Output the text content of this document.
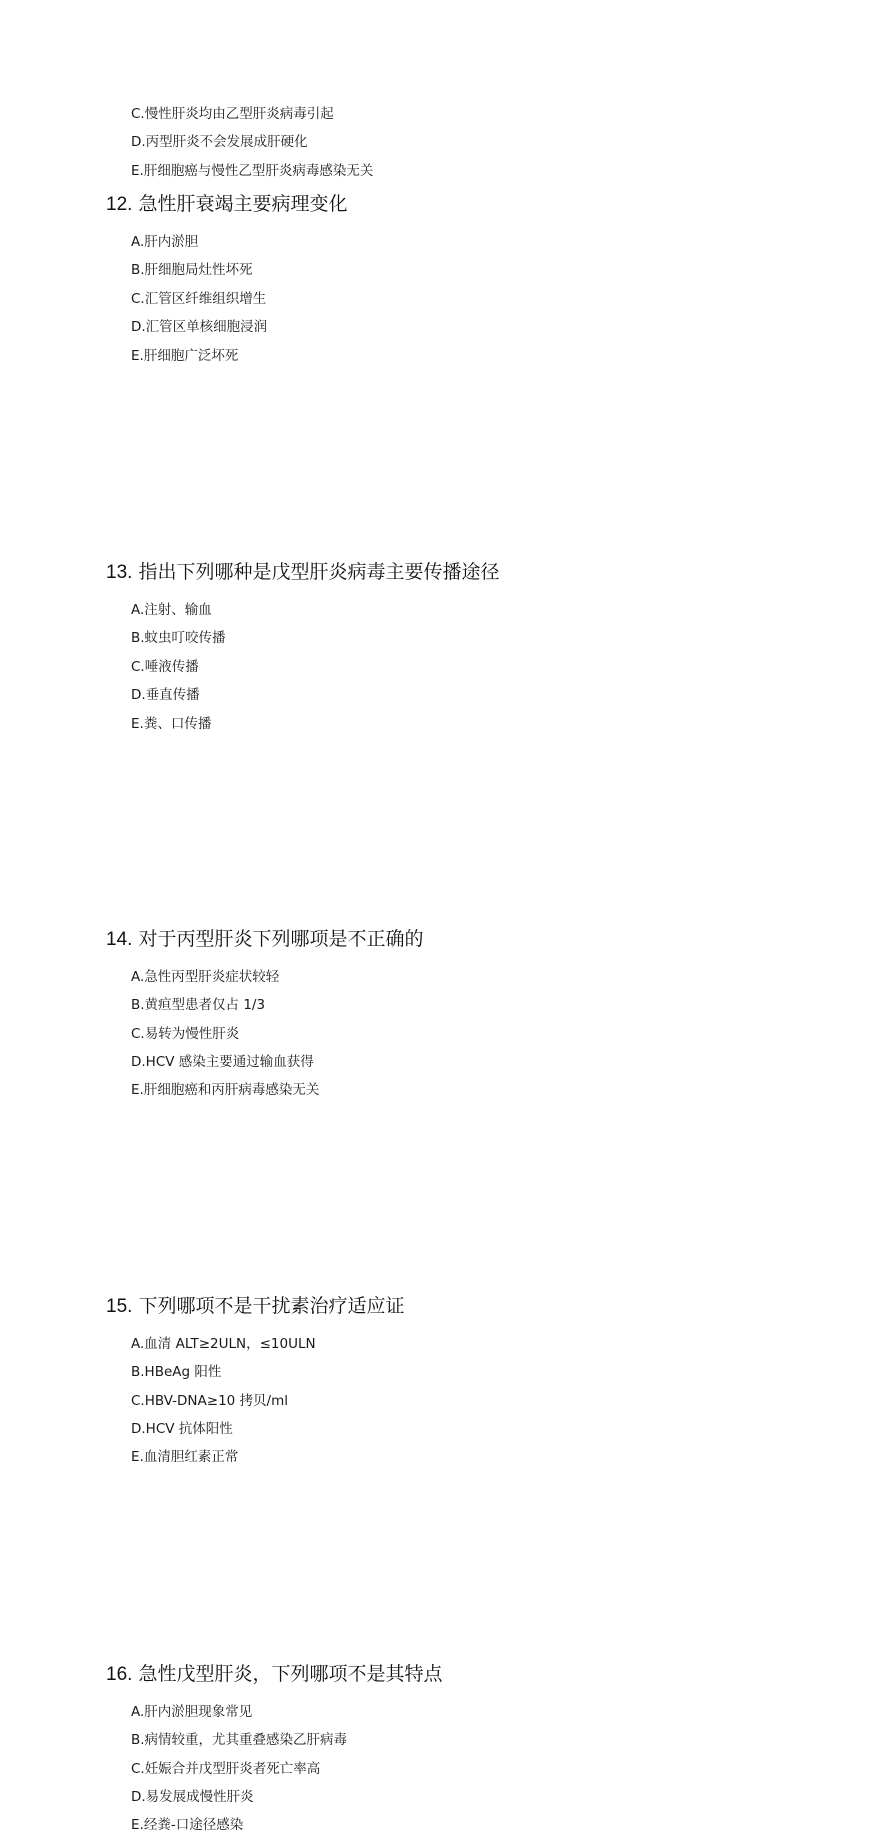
C.慢性肝炎均由乙型肝炎病毒引起
D.丙型肝炎不会发展成肝硬化
E.肝细胞癌与慢性乙型肝炎病毒感染无关
12. 急性肝衰竭主要病理变化
A.肝内淤胆
B.肝细胞局灶性坏死
C.汇管区纤维组织增生
D.汇管区单核细胞浸润
E.肝细胞广泛坏死
13. 指出下列哪种是戊型肝炎病毒主要传播途径
A.注射、输血
B.蚊虫叮咬传播
C.唾液传播
D.垂直传播
E.粪、口传播
14. 对于丙型肝炎下列哪项是不正确的
A.急性丙型肝炎症状较轻
B.黄疸型患者仅占 1/3
C.易转为慢性肝炎
D.HCV 感染主要通过输血获得
E.肝细胞癌和丙肝病毒感染无关
15. 下列哪项不是干扰素治疗适应证
A.血清 ALT≥2ULN，≤10ULN
B.HBeAg 阳性
C.HBV-DNA≥10 拷贝/ml
D.HCV 抗体阳性
E.血清胆红素正常
16. 急性戊型肝炎，下列哪项不是其特点
A.肝内淤胆现象常见
B.病情较重，尤其重叠感染乙肝病毒
C.妊娠合并戊型肝炎者死亡率高
D.易发展成慢性肝炎
E.经粪-口途径感染
